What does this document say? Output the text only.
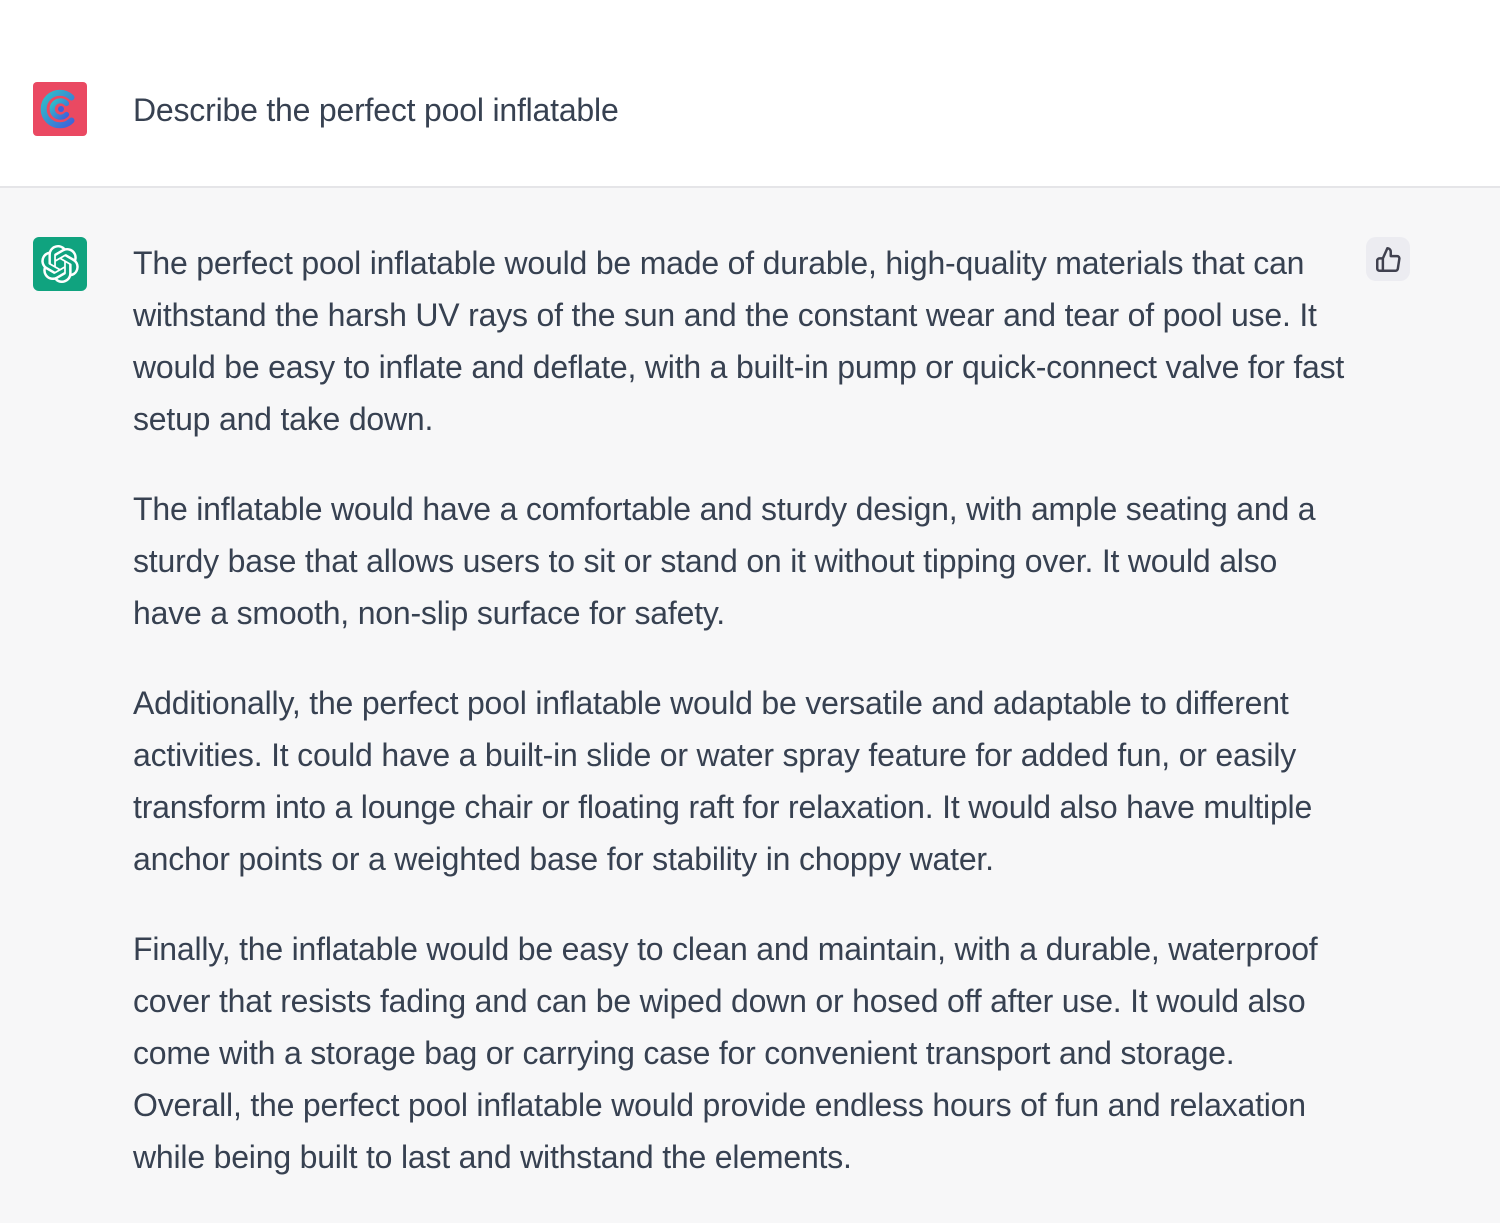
Describe the perfect pool inflatable

The perfect pool inflatable would be made of durable, high-quality materials that can withstand the harsh UV rays of the sun and the constant wear and tear of pool use. It would be easy to inflate and deflate, with a built-in pump or quick-connect valve for fast setup and take down.

The inflatable would have a comfortable and sturdy design, with ample seating and a sturdy base that allows users to sit or stand on it without tipping over. It would also have a smooth, non-slip surface for safety.

Additionally, the perfect pool inflatable would be versatile and adaptable to different activities. It could have a built-in slide or water spray feature for added fun, or easily transform into a lounge chair or floating raft for relaxation. It would also have multiple anchor points or a weighted base for stability in choppy water.

Finally, the inflatable would be easy to clean and maintain, with a durable, waterproof cover that resists fading and can be wiped down or hosed off after use. It would also come with a storage bag or carrying case for convenient transport and storage. Overall, the perfect pool inflatable would provide endless hours of fun and relaxation while being built to last and withstand the elements.
